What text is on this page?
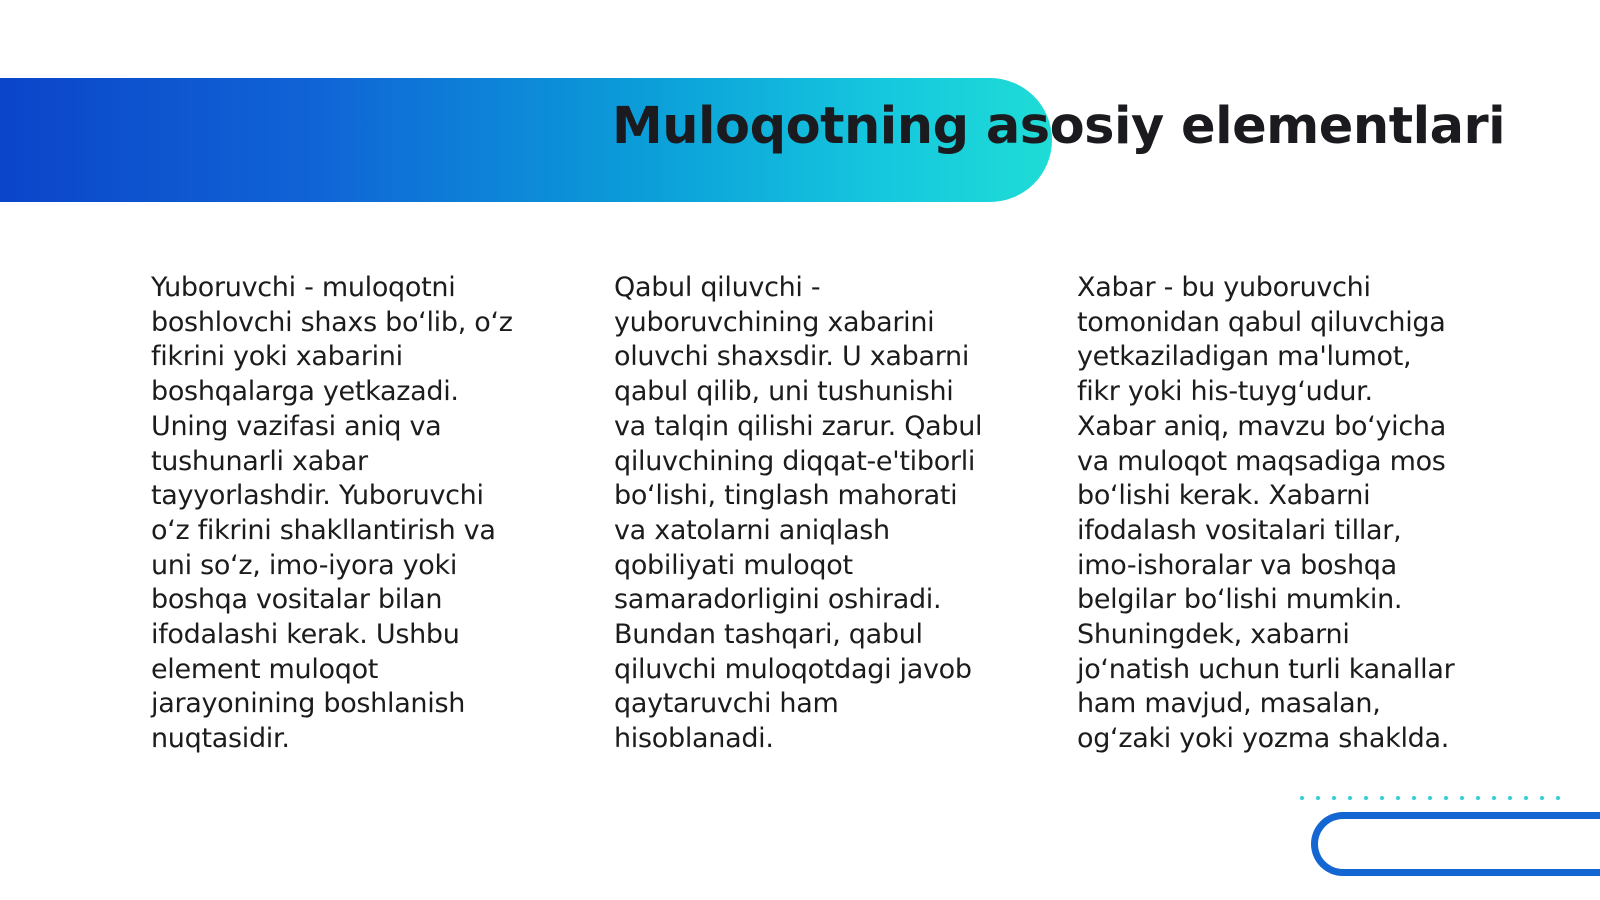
Muloqotning asosiy elementlari

Yuboruvchi - muloqotni boshlovchi shaxs bo‘lib, o‘z fikrini yoki xabarini boshqalarga yetkazadi. Uning vazifasi aniq va tushunarli xabar tayyorlashdir. Yuboruvchi o‘z fikrini shakllantirish va uni so‘z, imo-iyora yoki boshqa vositalar bilan ifodalashi kerak. Ushbu element muloqot jarayonining boshlanish nuqtasidir.

Qabul qiluvchi - yuboruvchining xabarini oluvchi shaxsdir. U xabarni qabul qilib, uni tushunishi va talqin qilishi zarur. Qabul qiluvchining diqqat-e'tiborli bo‘lishi, tinglash mahorati va xatolarni aniqlash qobiliyati muloqot samaradorligini oshiradi. Bundan tashqari, qabul qiluvchi muloqotdagi javob qaytaruvchi ham hisoblanadi.

Xabar - bu yuboruvchi tomonidan qabul qiluvchiga yetkaziladigan ma'lumot, fikr yoki his-tuyg‘udur. Xabar aniq, mavzu bo‘yicha va muloqot maqsadiga mos bo‘lishi kerak. Xabarni ifodalash vositalari tillar, imo-ishoralar va boshqa belgilar bo‘lishi mumkin. Shuningdek, xabarni jo‘natish uchun turli kanallar ham mavjud, masalan, og‘zaki yoki yozma shaklda.
